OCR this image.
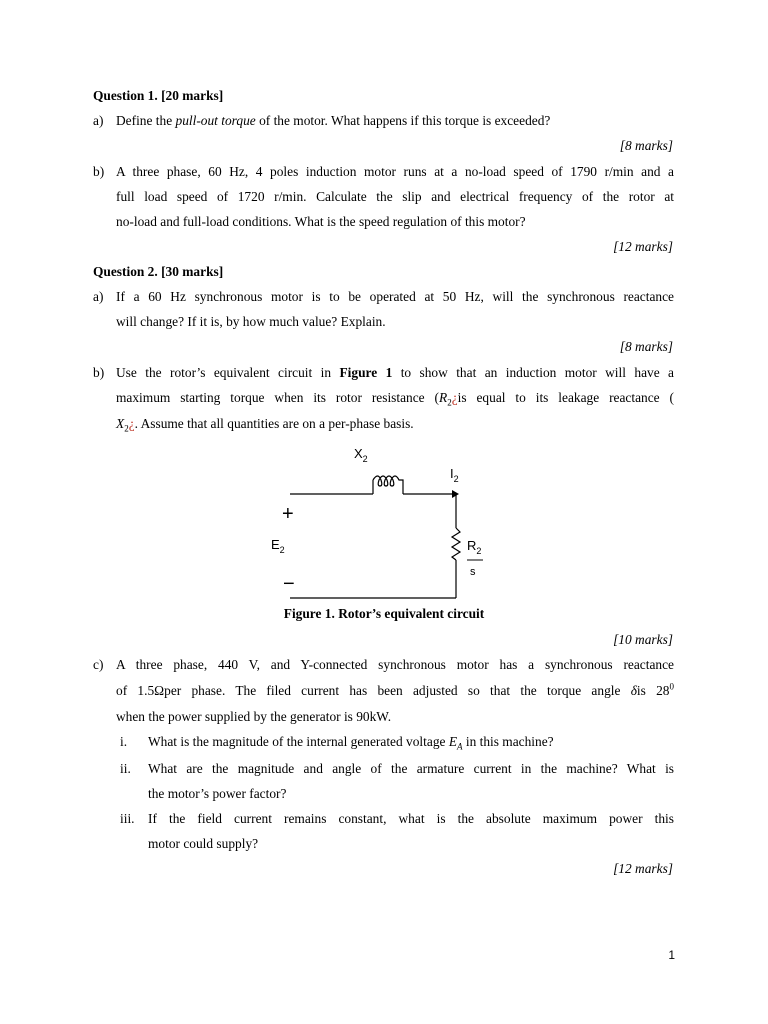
Question 1. [20 marks]
a) Define the pull-out torque of the motor. What happens if this torque is exceeded?
[8 marks]
b) A three phase, 60 Hz, 4 poles induction motor runs at a no-load speed of 1790 r/min and a
full load speed of 1720 r/min. Calculate the slip and electrical frequency of the rotor at
no-load and full-load conditions. What is the speed regulation of this motor?
[12 marks]
Question 2. [30 marks]
a) If a 60 Hz synchronous motor is to be operated at 50 Hz, will the synchronous reactance
will change? If it is, by how much value? Explain.
[8 marks]
b) Use the rotor’s equivalent circuit in Figure 1 to show that an induction motor will have a
maximum starting torque when its rotor resistance ($R_2¿is$ equal to its leakage reactance (
$X_2¿$. Assume that all quantities are on a per-phase basis.
$X_2$
$I_2$
+
$E_2$
−
$R_2$
s
Figure 1. Rotor’s equivalent circuit
[10 marks]
c) A three phase, 440 V, and Y-connected synchronous motor has a synchronous reactance
of 1.5Ωper phase. The filed current has been adjusted so that the torque angle δis $28^0$
when the power supplied by the generator is 90kW.
i. What is the magnitude of the internal generated voltage $E_A$ in this machine?
ii. What are the magnitude and angle of the armature current in the machine? What is
the motor’s power factor?
iii. If the field current remains constant, what is the absolute maximum power this
motor could supply?
[12 marks]
1
